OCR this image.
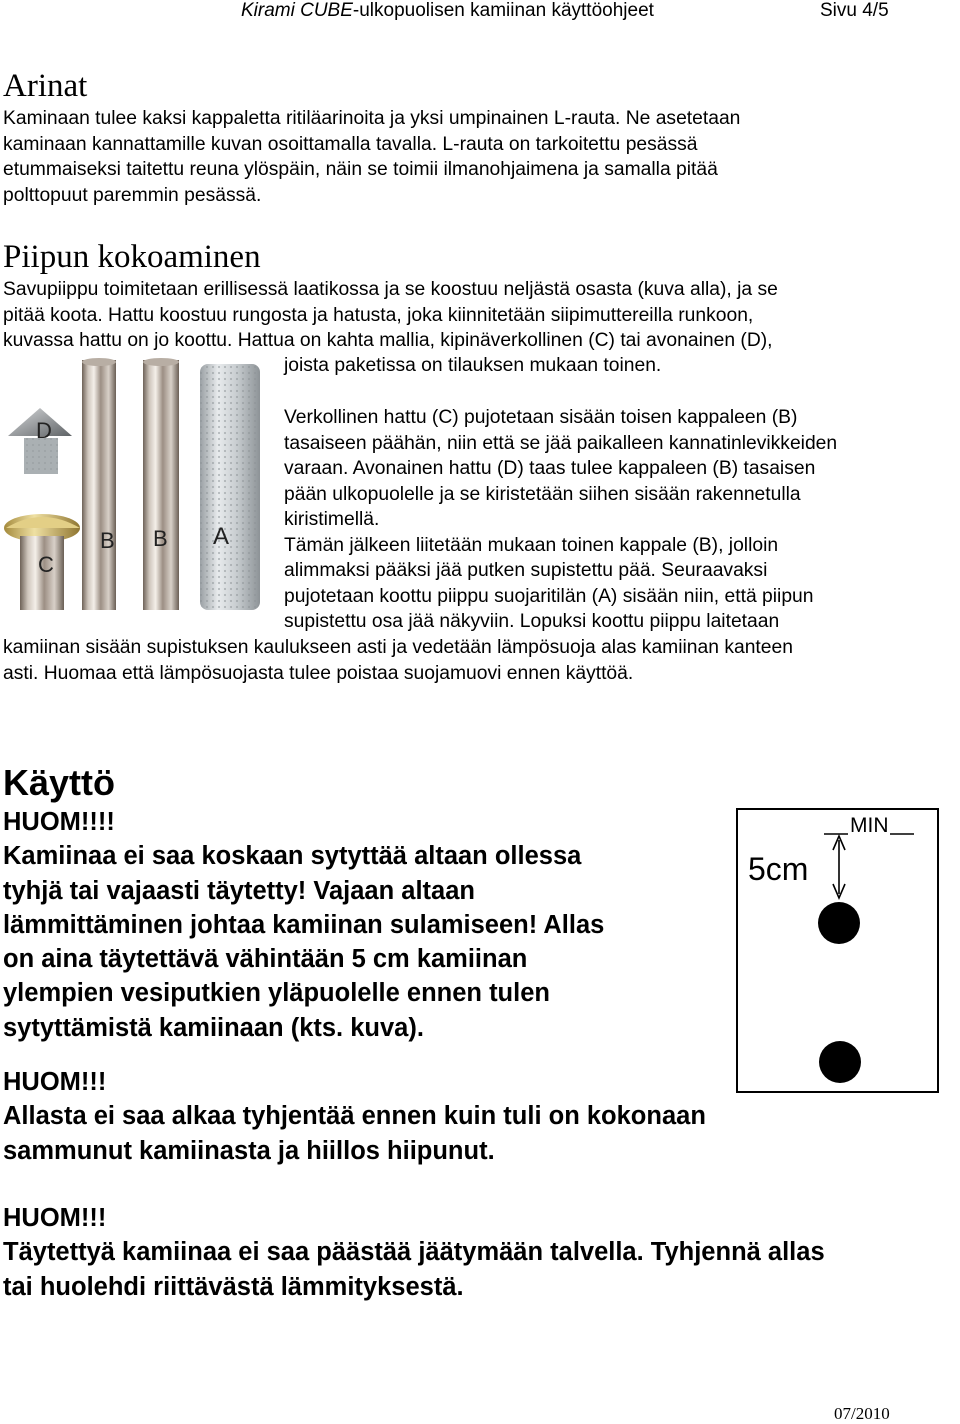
Kirami CUBE-ulkopuolisen kamiinan käyttöohjeet	Sivu 4/5
Arinat

Kaminaan tulee kaksi kappaletta ritiläarinoita ja yksi umpinainen L-rauta. Ne asetetaan

kaminaan kannattamille kuvan osoittamalla tavalla. L-rauta on tarkoitettu pesässä

etummaiseksi taitettu reuna ylöspäin, näin se toimii ilmanohjaimena ja samalla pitää

polttopuut paremmin pesässä.

Piipun kokoaminen

Savupiippu toimitetaan erillisessä laatikossa ja se koostuu neljästä osasta (kuva alla), ja se

pitää koota. Hattu koostuu rungosta ja hatusta, joka kiinnitetään siipimuttereilla runkoon,

kuvassa hattu on jo koottu. Hattua on kahta mallia, kipinäverkollinen (C) tai avonainen (D),

joista paketissa on tilauksen mukaan toinen.

Verkollinen hattu (C) pujotetaan sisään toisen kappaleen (B)

tasaiseen päähän, niin että se jää paikalleen kannatinlevikkeiden

varaan. Avonainen hattu (D) taas tulee kappaleen (B) tasaisen

pään ulkopuolelle ja se kiristetään siihen sisään rakennetulla

kiristimellä.

Tämän jälkeen liitetään mukaan toinen kappale (B), jolloin

alimmaksi pääksi jää putken supistettu pää. Seuraavaksi

pujotetaan koottu piippu suojaritilän (A) sisään niin, että piipun

supistettu osa jää näkyviin. Lopuksi koottu piippu laitetaan

kamiinan sisään supistuksen kaulukseen asti ja vedetään lämpösuoja alas kamiinan kanteen

asti. Huomaa että lämpösuojasta tulee poistaa suojamuovi ennen käyttöä.

D
C
B B A
Käyttö
HUOM!!!!
Kamiinaa ei saa koskaan sytyttää altaan ollessa
tyhjä tai vajaasti täytetty! Vajaan altaan
lämmittäminen johtaa kamiinan sulamiseen! Allas
on aina täytettävä vähintään 5 cm kamiinan
ylempien vesiputkien yläpuolelle ennen tulen
sytyttämistä kamiinaan (kts. kuva).
HUOM!!!
Allasta ei saa alkaa tyhjentää ennen kuin tuli on kokonaan
sammunut kamiinasta ja hiillos hiipunut.
HUOM!!!
Täytettyä kamiinaa ei saa päästää jäätymään talvella. Tyhjennä allas
tai huolehdi riittävästä lämmityksestä.
MIN
5cm
07/2010
